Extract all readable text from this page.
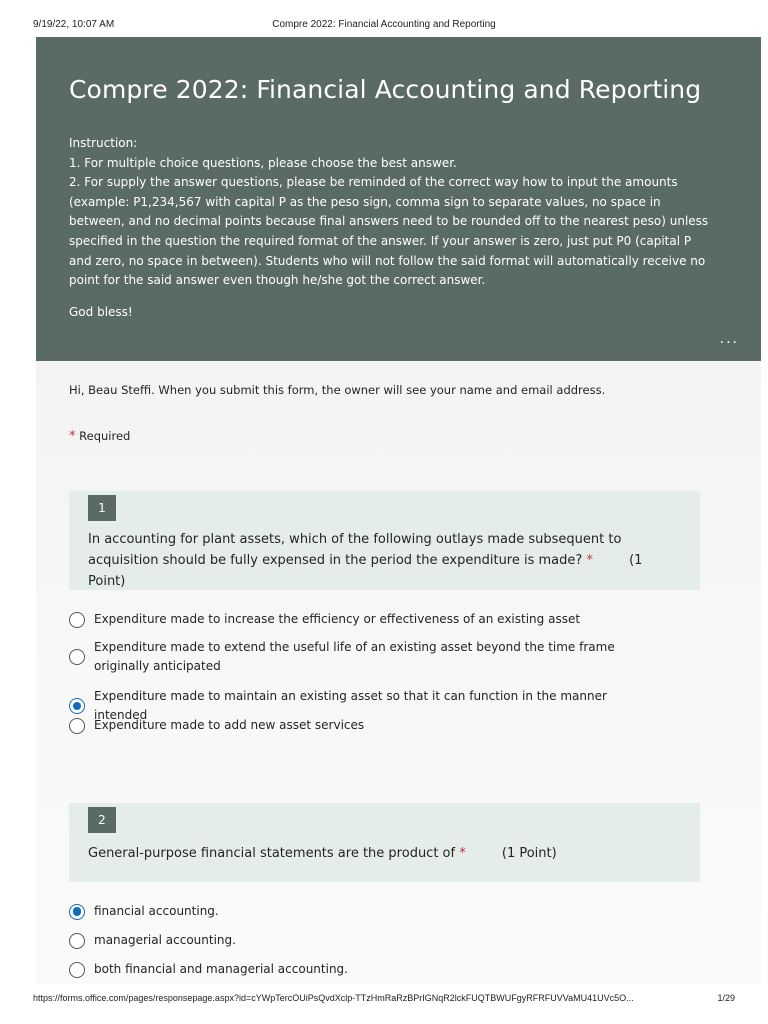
9/19/22, 10:07 AM	Compre 2022: Financial Accounting and Reporting
Compre 2022: Financial Accounting and Reporting
Instruction:
1. For multiple choice questions, please choose the best answer.
2. For supply the answer questions, please be reminded of the correct way how to input the amounts (example: P1,234,567 with capital P as the peso sign, comma sign to separate values, no space in between, and no decimal points because final answers need to be rounded off to the nearest peso) unless specified in the question the required format of the answer. If your answer is zero, just put P0 (capital P and zero, no space in between). Students who will not follow the said format will automatically receive no point for the said answer even though he/she got the correct answer.
God bless!
···
Hi, Beau Steffi. When you submit this form, the owner will see your name and email address.
* Required
1
In accounting for plant assets, which of the following outlays made subsequent to acquisition should be fully expensed in the period the expenditure is made? *	(1 Point)
Expenditure made to increase the efficiency or effectiveness of an existing asset
Expenditure made to extend the useful life of an existing asset beyond the time frame originally anticipated
Expenditure made to maintain an existing asset so that it can function in the manner intended
Expenditure made to add new asset services
2
General-purpose financial statements are the product of *	(1 Point)
financial accounting.
managerial accounting.
both financial and managerial accounting.
https://forms.office.com/pages/responsepage.aspx?id=cYWpTercOUiPsQvdXclp-TTzHmRaRzBPrIGNqR2lckFUQTBWUFgyRFRFUVVaMU41UVc5O...	1/29
